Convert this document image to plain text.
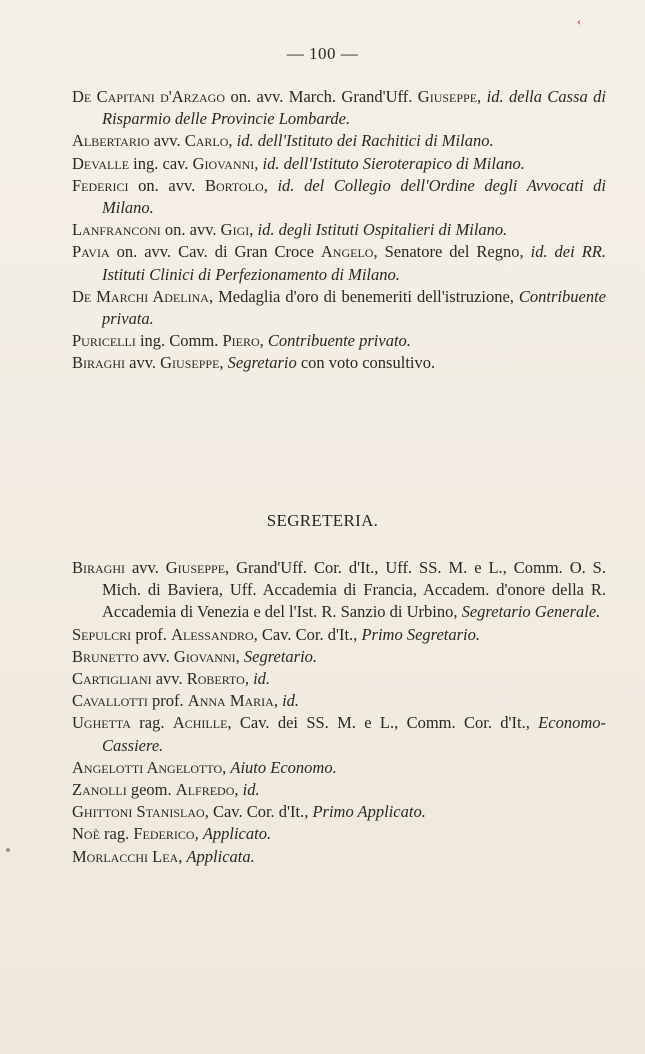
‹
— 100 —
De Capitani d'Arzago on. avv. March. Grand'Uff. Giuseppe, id. della Cassa di Risparmio delle Provincie Lombarde.
Albertario avv. Carlo, id. dell'Istituto dei Rachitici di Milano.
Devalle ing. cav. Giovanni, id. dell'Istituto Sieroterapico di Milano.
Federici on. avv. Bortolo, id. del Collegio dell'Ordine degli Avvocati di Milano.
Lanfranconi on. avv. Gigi, id. degli Istituti Ospitalieri di Milano.
Pavia on. avv. Cav. di Gran Croce Angelo, Senatore del Regno, id. dei RR. Istituti Clinici di Perfezionamento di Milano.
De Marchi Adelina, Medaglia d'oro di benemeriti dell'istruzione, Contribuente privata.
Puricelli ing. Comm. Piero, Contribuente privato.
Biraghi avv. Giuseppe, Segretario con voto consultivo.
SEGRETERIA.
Biraghi avv. Giuseppe, Grand'Uff. Cor. d'It., Uff. SS. M. e L., Comm. O. S. Mich. di Baviera, Uff. Accademia di Francia, Accadem. d'onore della R. Accademia di Venezia e del l'Ist. R. Sanzio di Urbino, Segretario Generale.
Sepulcri prof. Alessandro, Cav. Cor. d'It., Primo Segretario.
Brunetto avv. Giovanni, Segretario.
Cartigliani avv. Roberto, id.
Cavallotti prof. Anna Maria, id.
Ughetta rag. Achille, Cav. dei SS. M. e L., Comm. Cor. d'It., Economo-Cassiere.
Angelotti Angelotto, Aiuto Economo.
Zanolli geom. Alfredo, id.
Ghittoni Stanislao, Cav. Cor. d'It., Primo Applicato.
Noè rag. Federico, Applicato.
Morlacchi Lea, Applicata.
